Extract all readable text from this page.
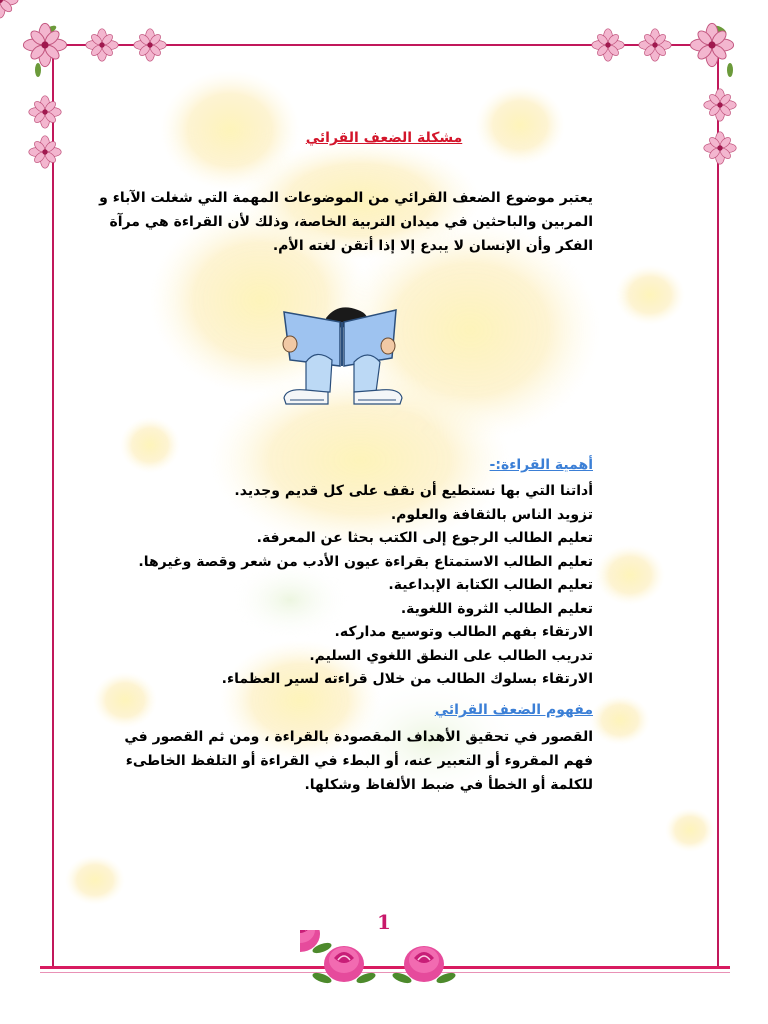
مشكلة الضعف القرائي
يعتبر موضوع الضعف القرائي من الموضوعات المهمة التي شغلت الآباء و المربين والباحثين في ميدان التربية الخاصة، وذلك لأن القراءة هي مرآة الفكر وأن الإنسان لا يبدع إلا إذا أتقن لغته الأم.
أهمية القراءة:-
أداتنا التي بها نستطيع أن نقف على كل قديم وجديد.
تزويد الناس بالثقافة والعلوم.
تعليم الطالب الرجوع إلى الكتب بحثا عن المعرفة.
تعليم الطالب الاستمتاع بقراءة عيون الأدب من شعر وقصة وغيرها.
تعليم الطالب الكتابة الإبداعية.
تعليم الطالب الثروة اللغوية.
الارتقاء بفهم الطالب وتوسيع مداركه.
تدريب الطالب على النطق اللغوي السليم.
الارتقاء بسلوك الطالب من خلال قراءته لسير العظماء.
مفهوم الضعف القرائي
القصور في تحقيق الأهداف المقصودة بالقراءة ، ومن ثم القصور في فهم المقروء أو التعبير عنه، أو البطء في القراءة أو التلفظ الخاطىء للكلمة أو الخطأ في ضبط الألفاظ وشكلها.
1
